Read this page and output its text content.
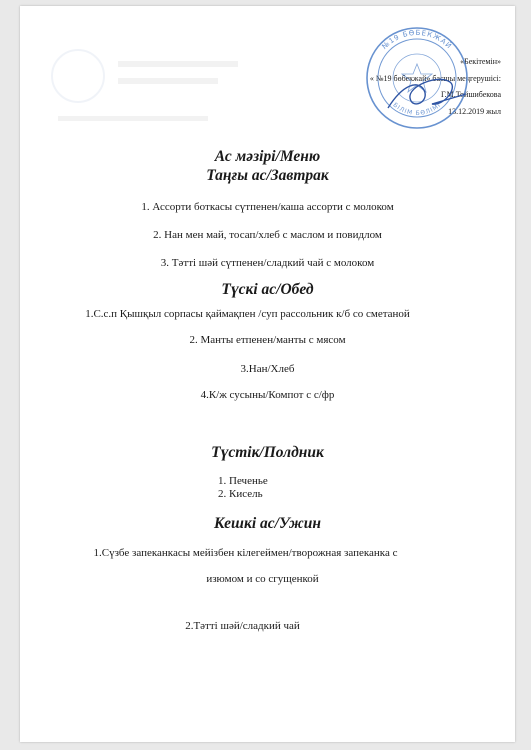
«Бекітемін»
« №19 бөбекжай» басшы меңгерушісі:
Г.М.Тойшибекова
13.12.2019 жыл
№19 БӨБЕКЖАЙ
БІЛІМ БӨЛІМІ
Ас мәзірі/Меню
Таңғы ас/Завтрак
1. Ассорти боткасы сүтпенен/каша ассорти с молоком
2. Нан мен май, тосап/хлеб с маслом и повидлом
3. Тәтті шәй сүтпенен/сладкий чай с молоком
Түскі ас/Обед
1.С.с.п Қышқыл сорпасы қаймақпен /суп рассольник к/б со сметаной
2. Манты етпенен/манты с мясом
3.Нан/Хлеб
4.К/ж сусыны/Компот с с/фр
Түстік/Полдник
1. Печенье
2. Кисель
Кешкі ас/Ужин
1.Сүзбе запеканкасы мейізбен кілегеймен/творожная запеканка с
изюмом и со сгущенкой
2.Тәтті шәй/сладкий чай
